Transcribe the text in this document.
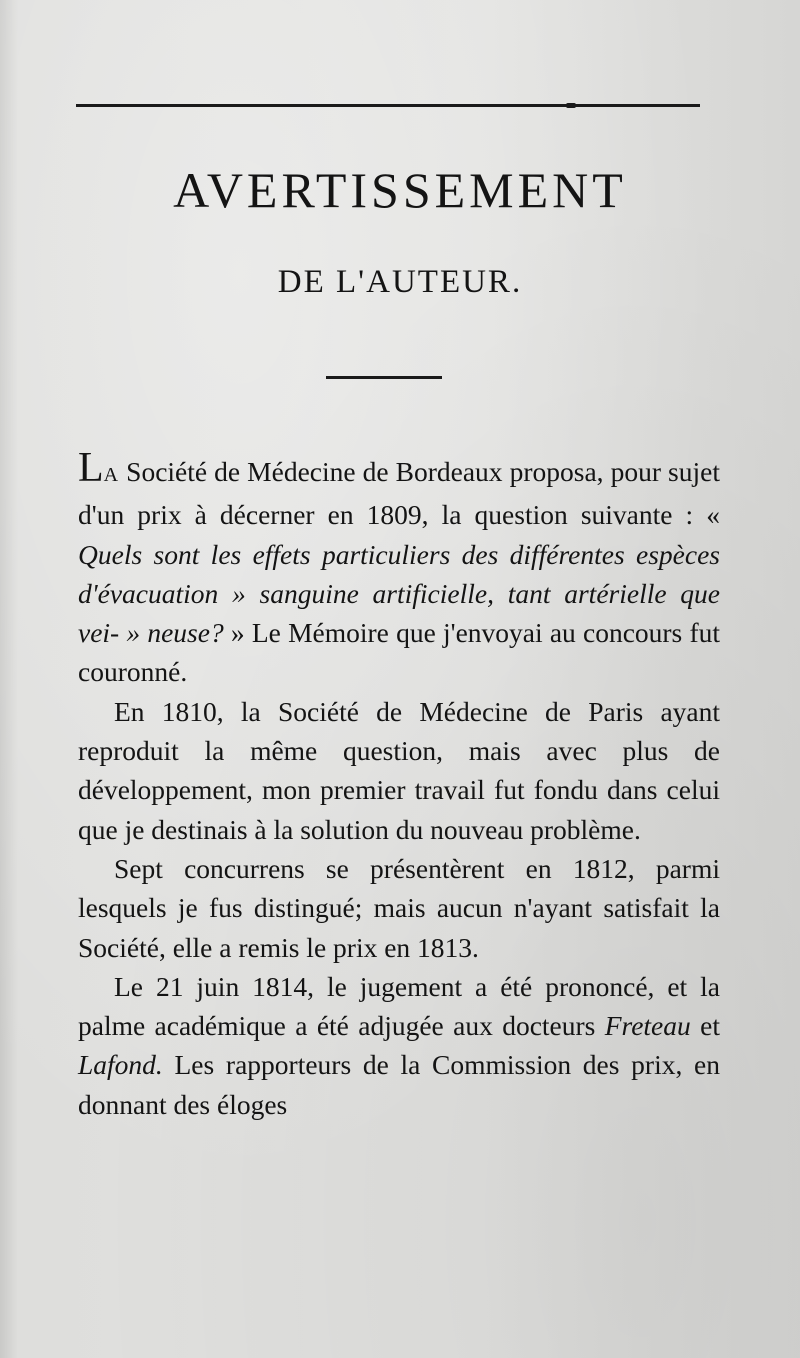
AVERTISSEMENT
DE L'AUTEUR.

LA Société de Médecine de Bordeaux proposa, pour sujet d'un prix à décerner en 1809, la question suivante : « Quels sont les effets particuliers des différentes espèces d'évacuation » sanguine artificielle, tant artérielle que vei- » neuse? » Le Mémoire que j'envoyai au concours fut couronné.

En 1810, la Société de Médecine de Paris ayant reproduit la même question, mais avec plus de développement, mon premier travail fut fondu dans celui que je destinais à la solution du nouveau problème.

Sept concurrens se présentèrent en 1812, parmi lesquels je fus distingué; mais aucun n'ayant satisfait la Société, elle a remis le prix en 1813.

Le 21 juin 1814, le jugement a été prononcé, et la palme académique a été adjugée aux docteurs Freteau et Lafond. Les rapporteurs de la Commission des prix, en donnant des éloges
